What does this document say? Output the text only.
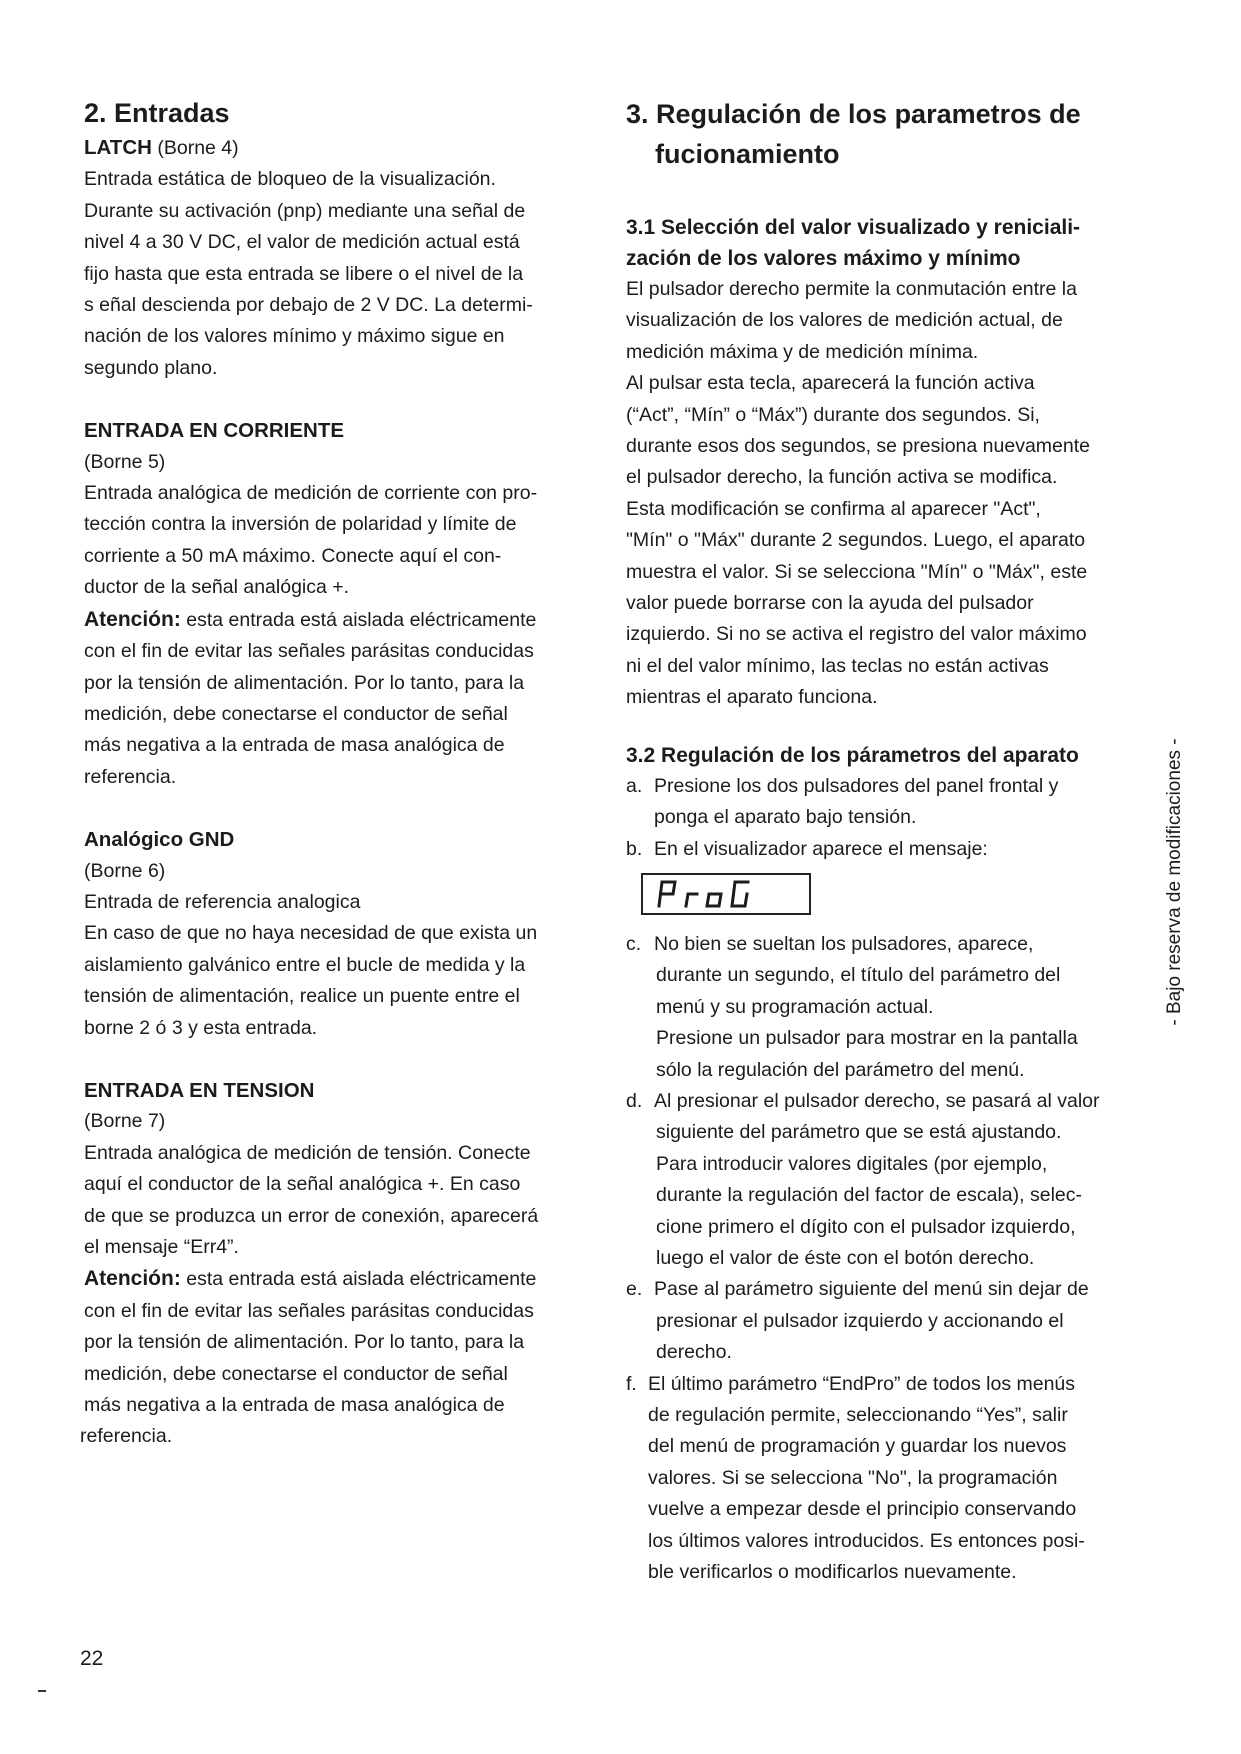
2. Entradas

LATCH (Borne 4)

Entrada estática de bloqueo de la visualización.

Durante su activación (pnp) mediante una señal de

nivel 4 a 30 V DC, el valor de medición actual está

fijo hasta que esta entrada se libere o el nivel de la

s eñal descienda por debajo de 2 V DC. La determi-

nación de los valores mínimo y máximo sigue en

segundo plano.

ENTRADA EN CORRIENTE

(Borne 5)

Entrada analógica de medición de corriente con pro-

tección contra la inversión de polaridad y límite de

corriente a 50 mA máximo. Conecte aquí el con-

ductor de la señal analógica +.

Atención: esta entrada está aislada eléctricamente

con el fin de evitar las señales parásitas conducidas

por la tensión de alimentación. Por lo tanto, para la

medición, debe conectarse el conductor de señal

más negativa a la entrada de masa analógica de

referencia.

Analógico GND

(Borne 6)

Entrada de referencia analogica

En caso de que no haya necesidad de que exista un

aislamiento galvánico entre el bucle de medida y la

tensión de alimentación, realice un puente entre el

borne 2 ó 3 y esta entrada.

ENTRADA EN TENSION

(Borne 7)

Entrada analógica de medición de tensión. Conecte

aquí el conductor de la señal analógica +. En caso

de que se produzca un error de conexión, aparecerá

el mensaje “Err4”.

Atención: esta entrada está aislada eléctricamente

con el fin de evitar las señales parásitas conducidas

por la tensión de alimentación. Por lo tanto, para la

medición, debe conectarse el conductor de señal

más negativa a la entrada de masa analógica de

referencia.

3. Regulación de los parametros de
fucionamiento

3.1 Selección del valor visualizado y reniciali-

zación de los valores máximo y mínimo

El pulsador derecho permite la conmutación entre la

visualización de los valores de medición actual, de

medición máxima y de medición mínima.

Al pulsar esta tecla, aparecerá la función activa

(“Act”, “Mín” o “Máx”) durante dos segundos. Si,

durante esos dos segundos, se presiona nuevamente

el pulsador derecho, la función activa se modifica.

Esta modificación se confirma al aparecer "Act",

"Mín" o "Máx" durante 2 segundos. Luego, el aparato

muestra el valor. Si se selecciona "Mín" o "Máx", este

valor puede borrarse con la ayuda del pulsador

izquierdo. Si no se activa el registro del valor máximo

ni el del valor mínimo, las teclas no están activas

mientras el aparato funciona.

3.2 Regulación de los párametros del aparato

a. Presione los dos pulsadores del panel frontal y
ponga el aparato bajo tensión.
b. En el visualizador aparece el mensaje:
ProG
c. No bien se sueltan los pulsadores, aparece,
durante un segundo, el título del parámetro del
menú y su programación actual.
Presione un pulsador para mostrar en la pantalla
sólo la regulación del parámetro del menú.
d. Al presionar el pulsador derecho, se pasará al valor
siguiente del parámetro que se está ajustando.
Para introducir valores digitales (por ejemplo,
durante la regulación del factor de escala), selec-
cione primero el dígito con el pulsador izquierdo,
luego el valor de éste con el botón derecho.
e. Pase al parámetro siguiente del menú sin dejar de
presionar el pulsador izquierdo y accionando el
derecho.
f. El último parámetro “EndPro” de todos los menús
de regulación permite, seleccionando “Yes”, salir
del menú de programación y guardar los nuevos
valores. Si se selecciona "No", la programación
vuelve a empezar desde el principio conservando
los últimos valores introducidos. Es entonces posi-
ble verificarlos o modificarlos nuevamente.
- Bajo reserva de modificaciones -
22
